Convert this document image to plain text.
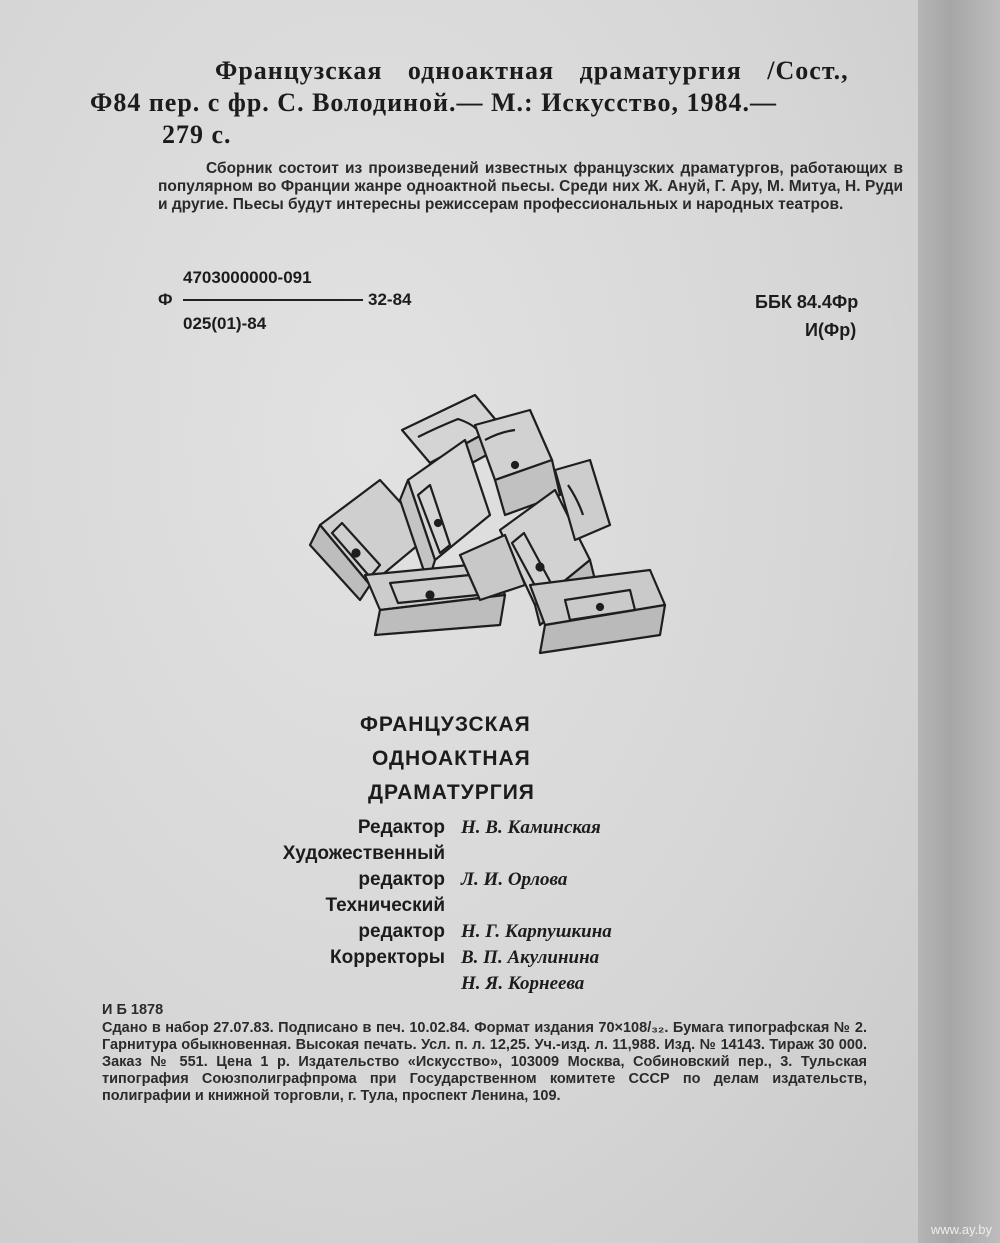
Французская одноактная драматургия /Сост.,
Ф84 пер. с фр. С. Володиной.— М.: Искусство, 1984.—
279 с.
Сборник состоит из произведений известных французских драматургов, работающих в популярном во Франции жанре одноактной пьесы. Среди них Ж. Ануй, Г. Ару, М. Митуа, Н. Руди и другие. Пьесы будут интересны режиссерам профессиональных и народных театров.
Ф
4703000000-091
025(01)-84
32-84	ББК 84.4Фр
И(Фр)
ФРАНЦУЗСКАЯ
ОДНОАКТНАЯ
ДРАМАТУРГИЯ
Редактор Н. В. Каминская
Художественный
редактор Л. И. Орлова
Технический
редактор Н. Г. Карпушкина
Корректоры В. П. Акулинина
Н. Я. Корнеева
И Б 1878
Сдано в набор 27.07.83. Подписано в печ. 10.02.84. Формат издания 70×108/₃₂. Бумага типографская № 2. Гарнитура обыкновенная. Высокая печать. Усл. п. л. 12,25. Уч.-изд. л. 11,988. Изд. № 14143. Тираж 30 000. Заказ № 551. Цена 1 р. Издательство «Искусство», 103009 Москва, Собиновский пер., 3. Тульская типография Союзполиграфпрома при Государственном комитете СССР по делам издательств, полиграфии и книжной торговли, г. Тула, проспект Ленина, 109.
www.ay.by
